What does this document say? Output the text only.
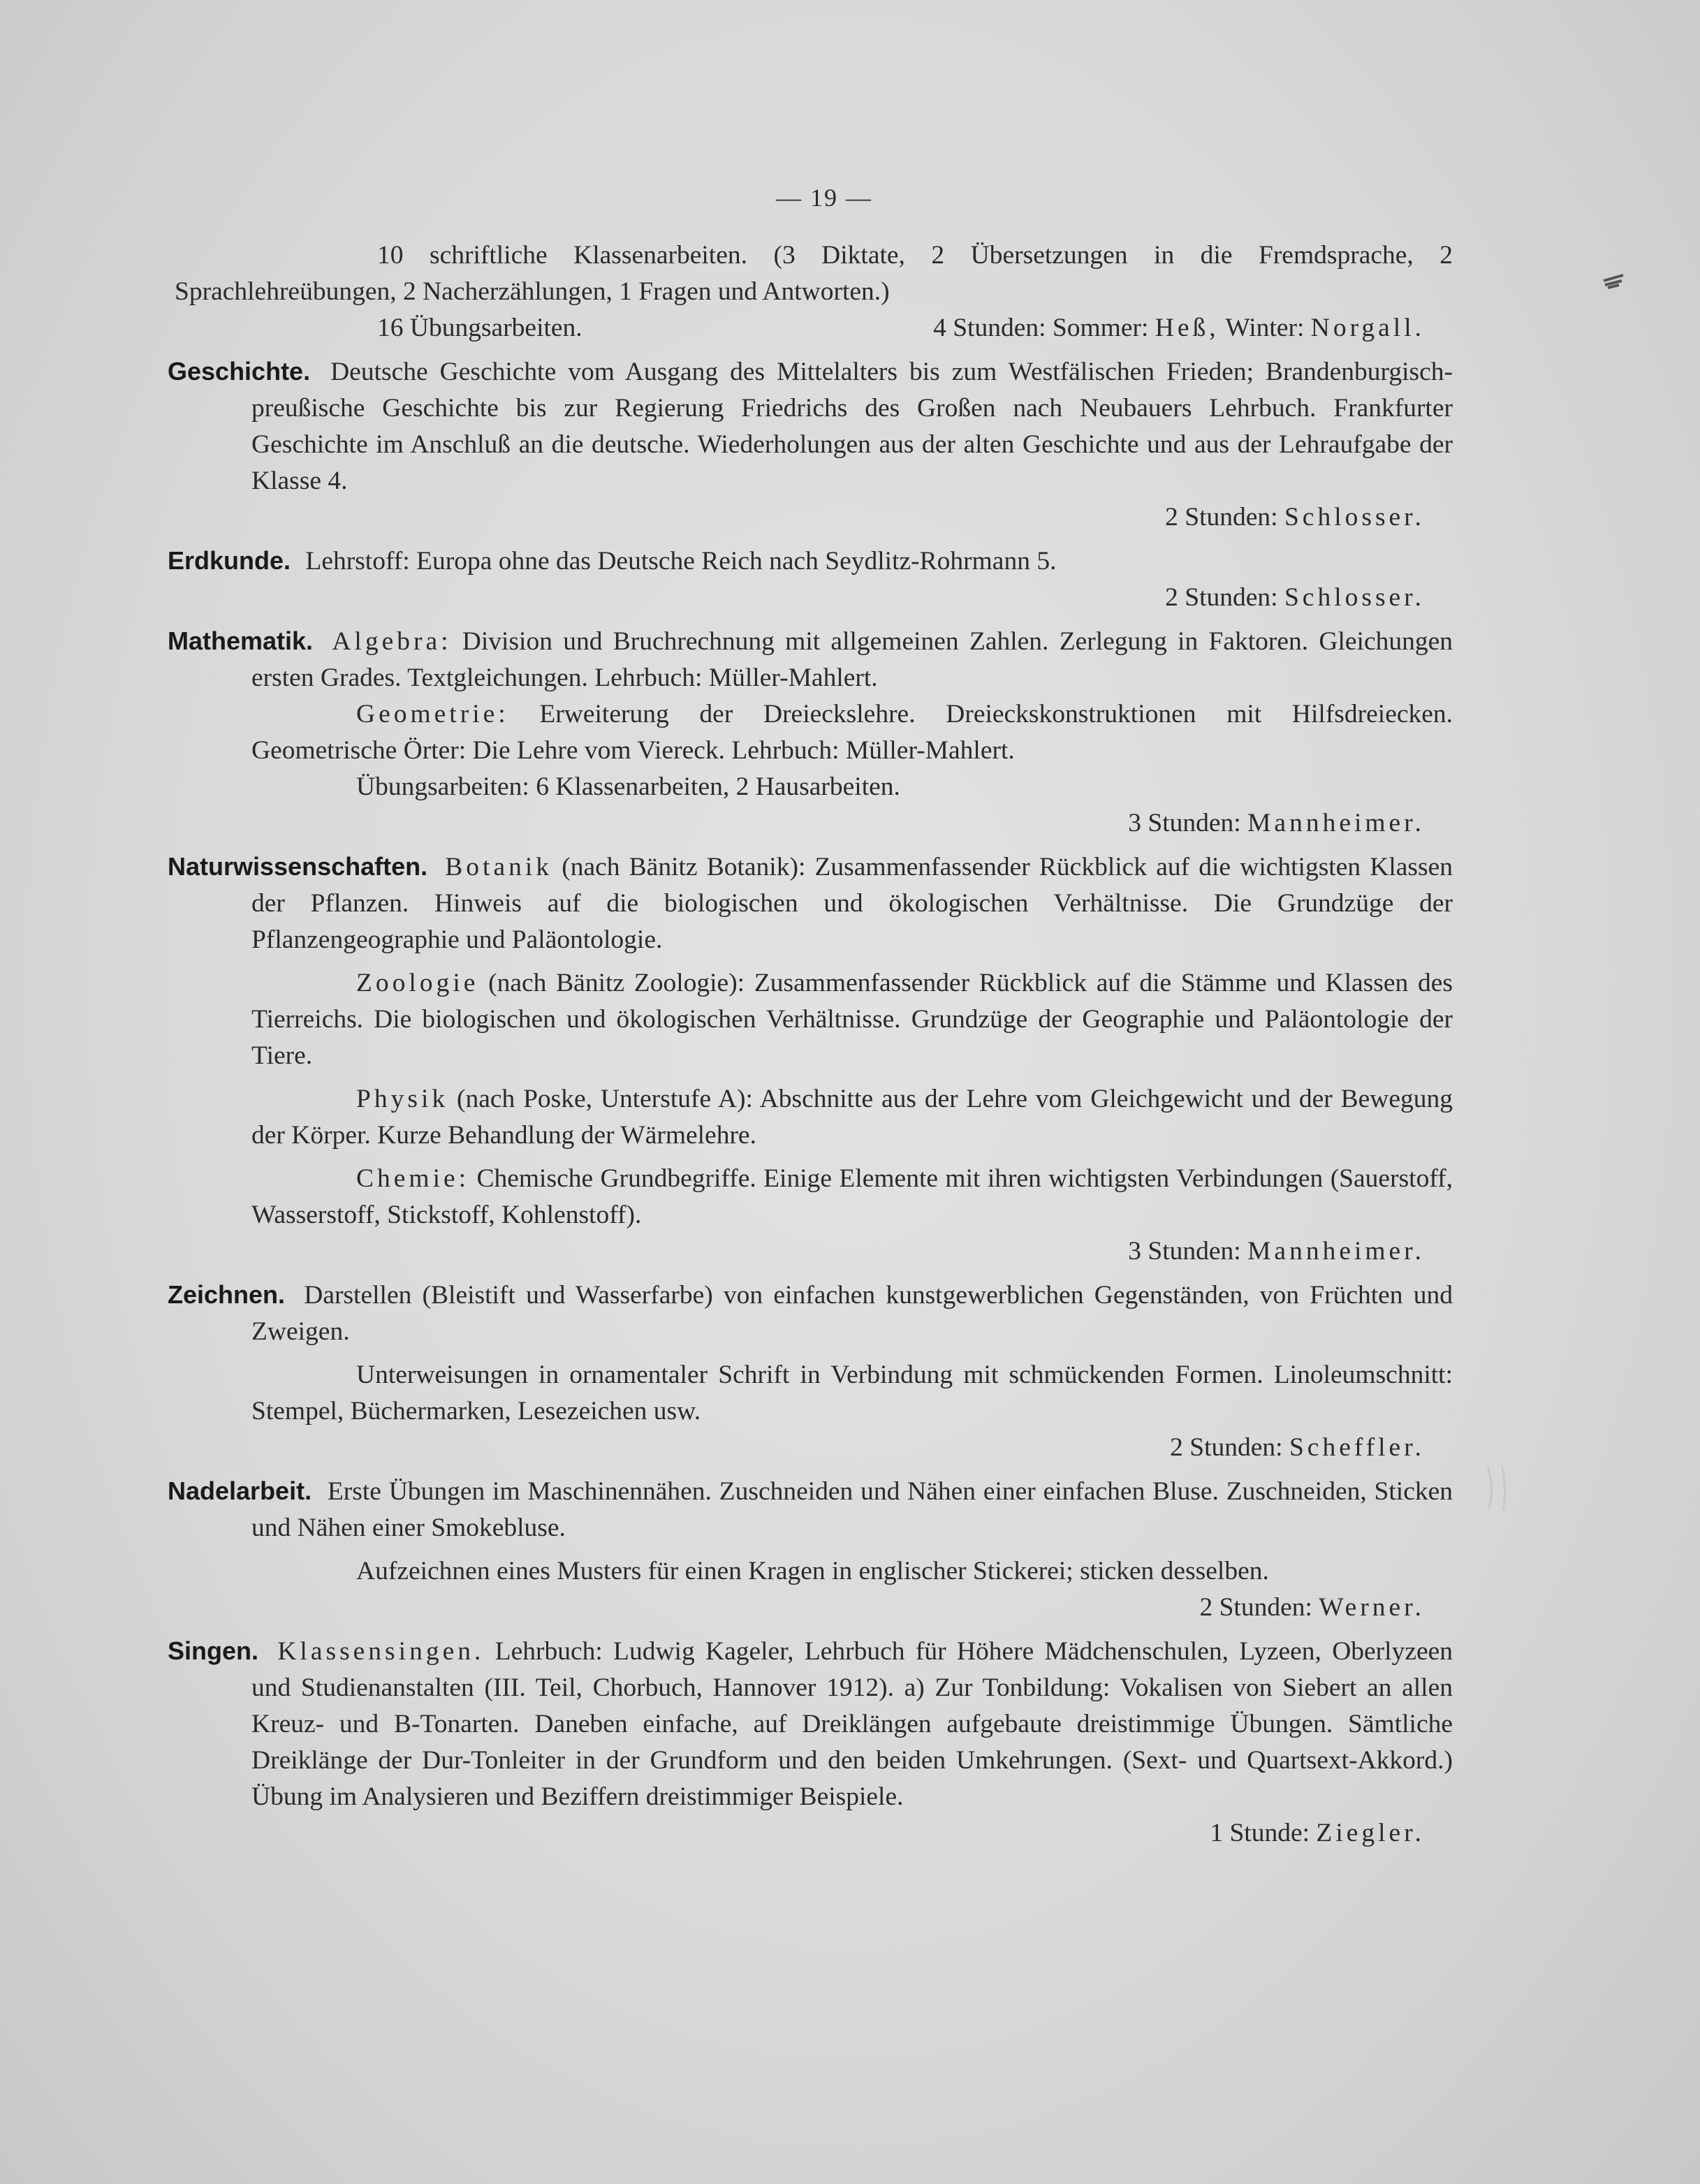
— 19 —

10 schriftliche Klassenarbeiten. (3 Diktate, 2 Übersetzungen in die Fremdsprache, 2 Sprachlehreübungen, 2 Nacherzählungen, 1 Fragen und Antworten.)

16 Übungsarbeiten.	4 Stunden: Sommer: Heß, Winter: Norgall.

Geschichte. Deutsche Geschichte vom Ausgang des Mittelalters bis zum Westfälischen Frieden; Brandenburgisch-preußische Geschichte bis zur Regierung Friedrichs des Großen nach Neubauers Lehrbuch. Frankfurter Geschichte im Anschluß an die deutsche. Wiederholungen aus der alten Geschichte und aus der Lehraufgabe der Klasse 4.

2 Stunden: Schlosser.

Erdkunde. Lehrstoff: Europa ohne das Deutsche Reich nach Seydlitz-Rohrmann 5.

2 Stunden: Schlosser.

Mathematik. Algebra: Division und Bruchrechnung mit allgemeinen Zahlen. Zerlegung in Faktoren. Gleichungen ersten Grades. Textgleichungen. Lehrbuch: Müller-Mahlert.

Geometrie: Erweiterung der Dreieckslehre. Dreieckskonstruktionen mit Hilfsdreiecken. Geometrische Örter: Die Lehre vom Viereck. Lehrbuch: Müller-Mahlert.

Übungsarbeiten: 6 Klassenarbeiten, 2 Hausarbeiten.

3 Stunden: Mannheimer.

Naturwissenschaften. Botanik (nach Bänitz Botanik): Zusammenfassender Rückblick auf die wichtigsten Klassen der Pflanzen. Hinweis auf die biologischen und ökologischen Verhältnisse. Die Grundzüge der Pflanzengeographie und Paläontologie.

Zoologie (nach Bänitz Zoologie): Zusammenfassender Rückblick auf die Stämme und Klassen des Tierreichs. Die biologischen und ökologischen Verhältnisse. Grundzüge der Geographie und Paläontologie der Tiere.

Physik (nach Poske, Unterstufe A): Abschnitte aus der Lehre vom Gleichgewicht und der Bewegung der Körper. Kurze Behandlung der Wärmelehre.

Chemie: Chemische Grundbegriffe. Einige Elemente mit ihren wichtigsten Verbindungen (Sauerstoff, Wasserstoff, Stickstoff, Kohlenstoff).

3 Stunden: Mannheimer.

Zeichnen. Darstellen (Bleistift und Wasserfarbe) von einfachen kunstgewerblichen Gegenständen, von Früchten und Zweigen.

Unterweisungen in ornamentaler Schrift in Verbindung mit schmückenden Formen. Linoleumschnitt: Stempel, Büchermarken, Lesezeichen usw.

2 Stunden: Scheffler.

Nadelarbeit. Erste Übungen im Maschinennähen. Zuschneiden und Nähen einer einfachen Bluse. Zuschneiden, Sticken und Nähen einer Smokebluse.

Aufzeichnen eines Musters für einen Kragen in englischer Stickerei; sticken desselben.

2 Stunden: Werner.

Singen. Klassensingen. Lehrbuch: Ludwig Kageler, Lehrbuch für Höhere Mädchenschulen, Lyzeen, Oberlyzeen und Studienanstalten (III. Teil, Chorbuch, Hannover 1912). a) Zur Tonbildung: Vokalisen von Siebert an allen Kreuz- und B-Tonarten. Daneben einfache, auf Dreiklängen aufgebaute dreistimmige Übungen. Sämtliche Dreiklänge der Dur-Tonleiter in der Grundform und den beiden Umkehrungen. (Sext- und Quartsext-Akkord.) Übung im Analysieren und Beziffern dreistimmiger Beispiele.

1 Stunde: Ziegler.
